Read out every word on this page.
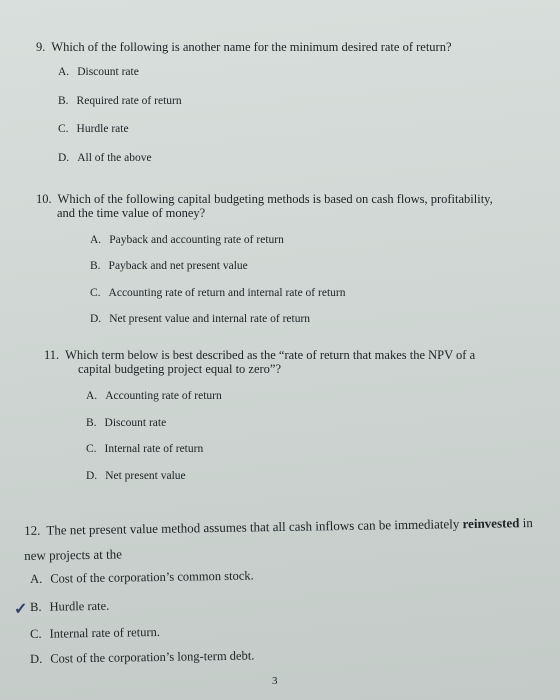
9. Which of the following is another name for the minimum desired rate of return?
A. Discount rate
B. Required rate of return
C. Hurdle rate
D. All of the above
10. Which of the following capital budgeting methods is based on cash flows, profitability,
and the time value of money?
A. Payback and accounting rate of return
B. Payback and net present value
C. Accounting rate of return and internal rate of return
D. Net present value and internal rate of return
11. Which term below is best described as the “rate of return that makes the NPV of a
capital budgeting project equal to zero”?
A. Accounting rate of return
B. Discount rate
C. Internal rate of return
D. Net present value
12. The net present value method assumes that all cash inflows can be immediately reinvested in
new projects at the
A. Cost of the corporation’s common stock.
✓ B. Hurdle rate.
C. Internal rate of return.
D. Cost of the corporation’s long-term debt.
3
